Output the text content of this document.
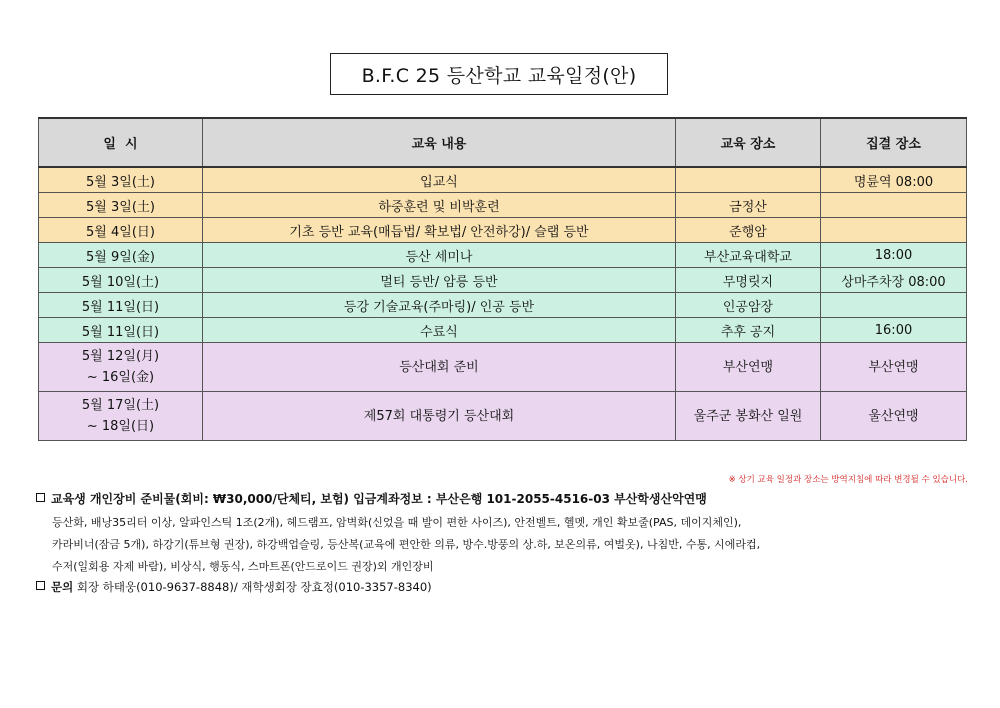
B.F.C 25 등산학교 교육일정(안)
일  시	교육 내용	교육 장소	집결 장소
5월 3일(土)	입교식		명륜역 08:00
5월 3일(土)	하중훈련 및 비박훈련	금정산	
5월 4일(日)	기초 등반 교육(매듭법/ 확보법/ 안전하강)/ 슬랩 등반	준행암	
5월 9일(金)	등산 세미나	부산교육대학교	18:00
5월 10일(土)	멀티 등반/ 암릉 등반	무명릿지	상마주차장 08:00
5월 11일(日)	등강 기술교육(주마링)/ 인공 등반	인공암장	
5월 11일(日)	수료식	추후 공지	16:00

5월 12일(月)
~ 16일(金)	등산대회 준비	부산연맹	부산연맹

5월 17일(土)
~ 18일(日)	제57회 대통령기 등산대회	울주군 봉화산 일원	울산연맹
※ 상기 교육 일정과 장소는 방역지침에 따라 변경될 수 있습니다.
교육생 개인장비 준비물(회비: ₩30,000/단체티, 보험) 입금계좌정보 : 부산은행 101-2055-4516-03 부산학생산악연맹
등산화, 배낭35리터 이상, 알파인스틱 1조(2개), 헤드램프, 암벽화(신었을 때 발이 편한 사이즈), 안전벨트, 헬멧, 개인 확보줄(PAS, 데이지체인),
카라비너(잠금 5개), 하강기(튜브형 권장), 하강백업슬링, 등산복(교육에 편안한 의류, 방수.방풍의 상.하, 보온의류, 여벌옷), 나침반, 수통, 시에라컵,
수저(일회용 자제 바람), 비상식, 행동식, 스마트폰(안드로이드 권장)외 개인장비
문의 회장 하태웅(010-9637-8848)/ 재학생회장 장효정(010-3357-8340)
